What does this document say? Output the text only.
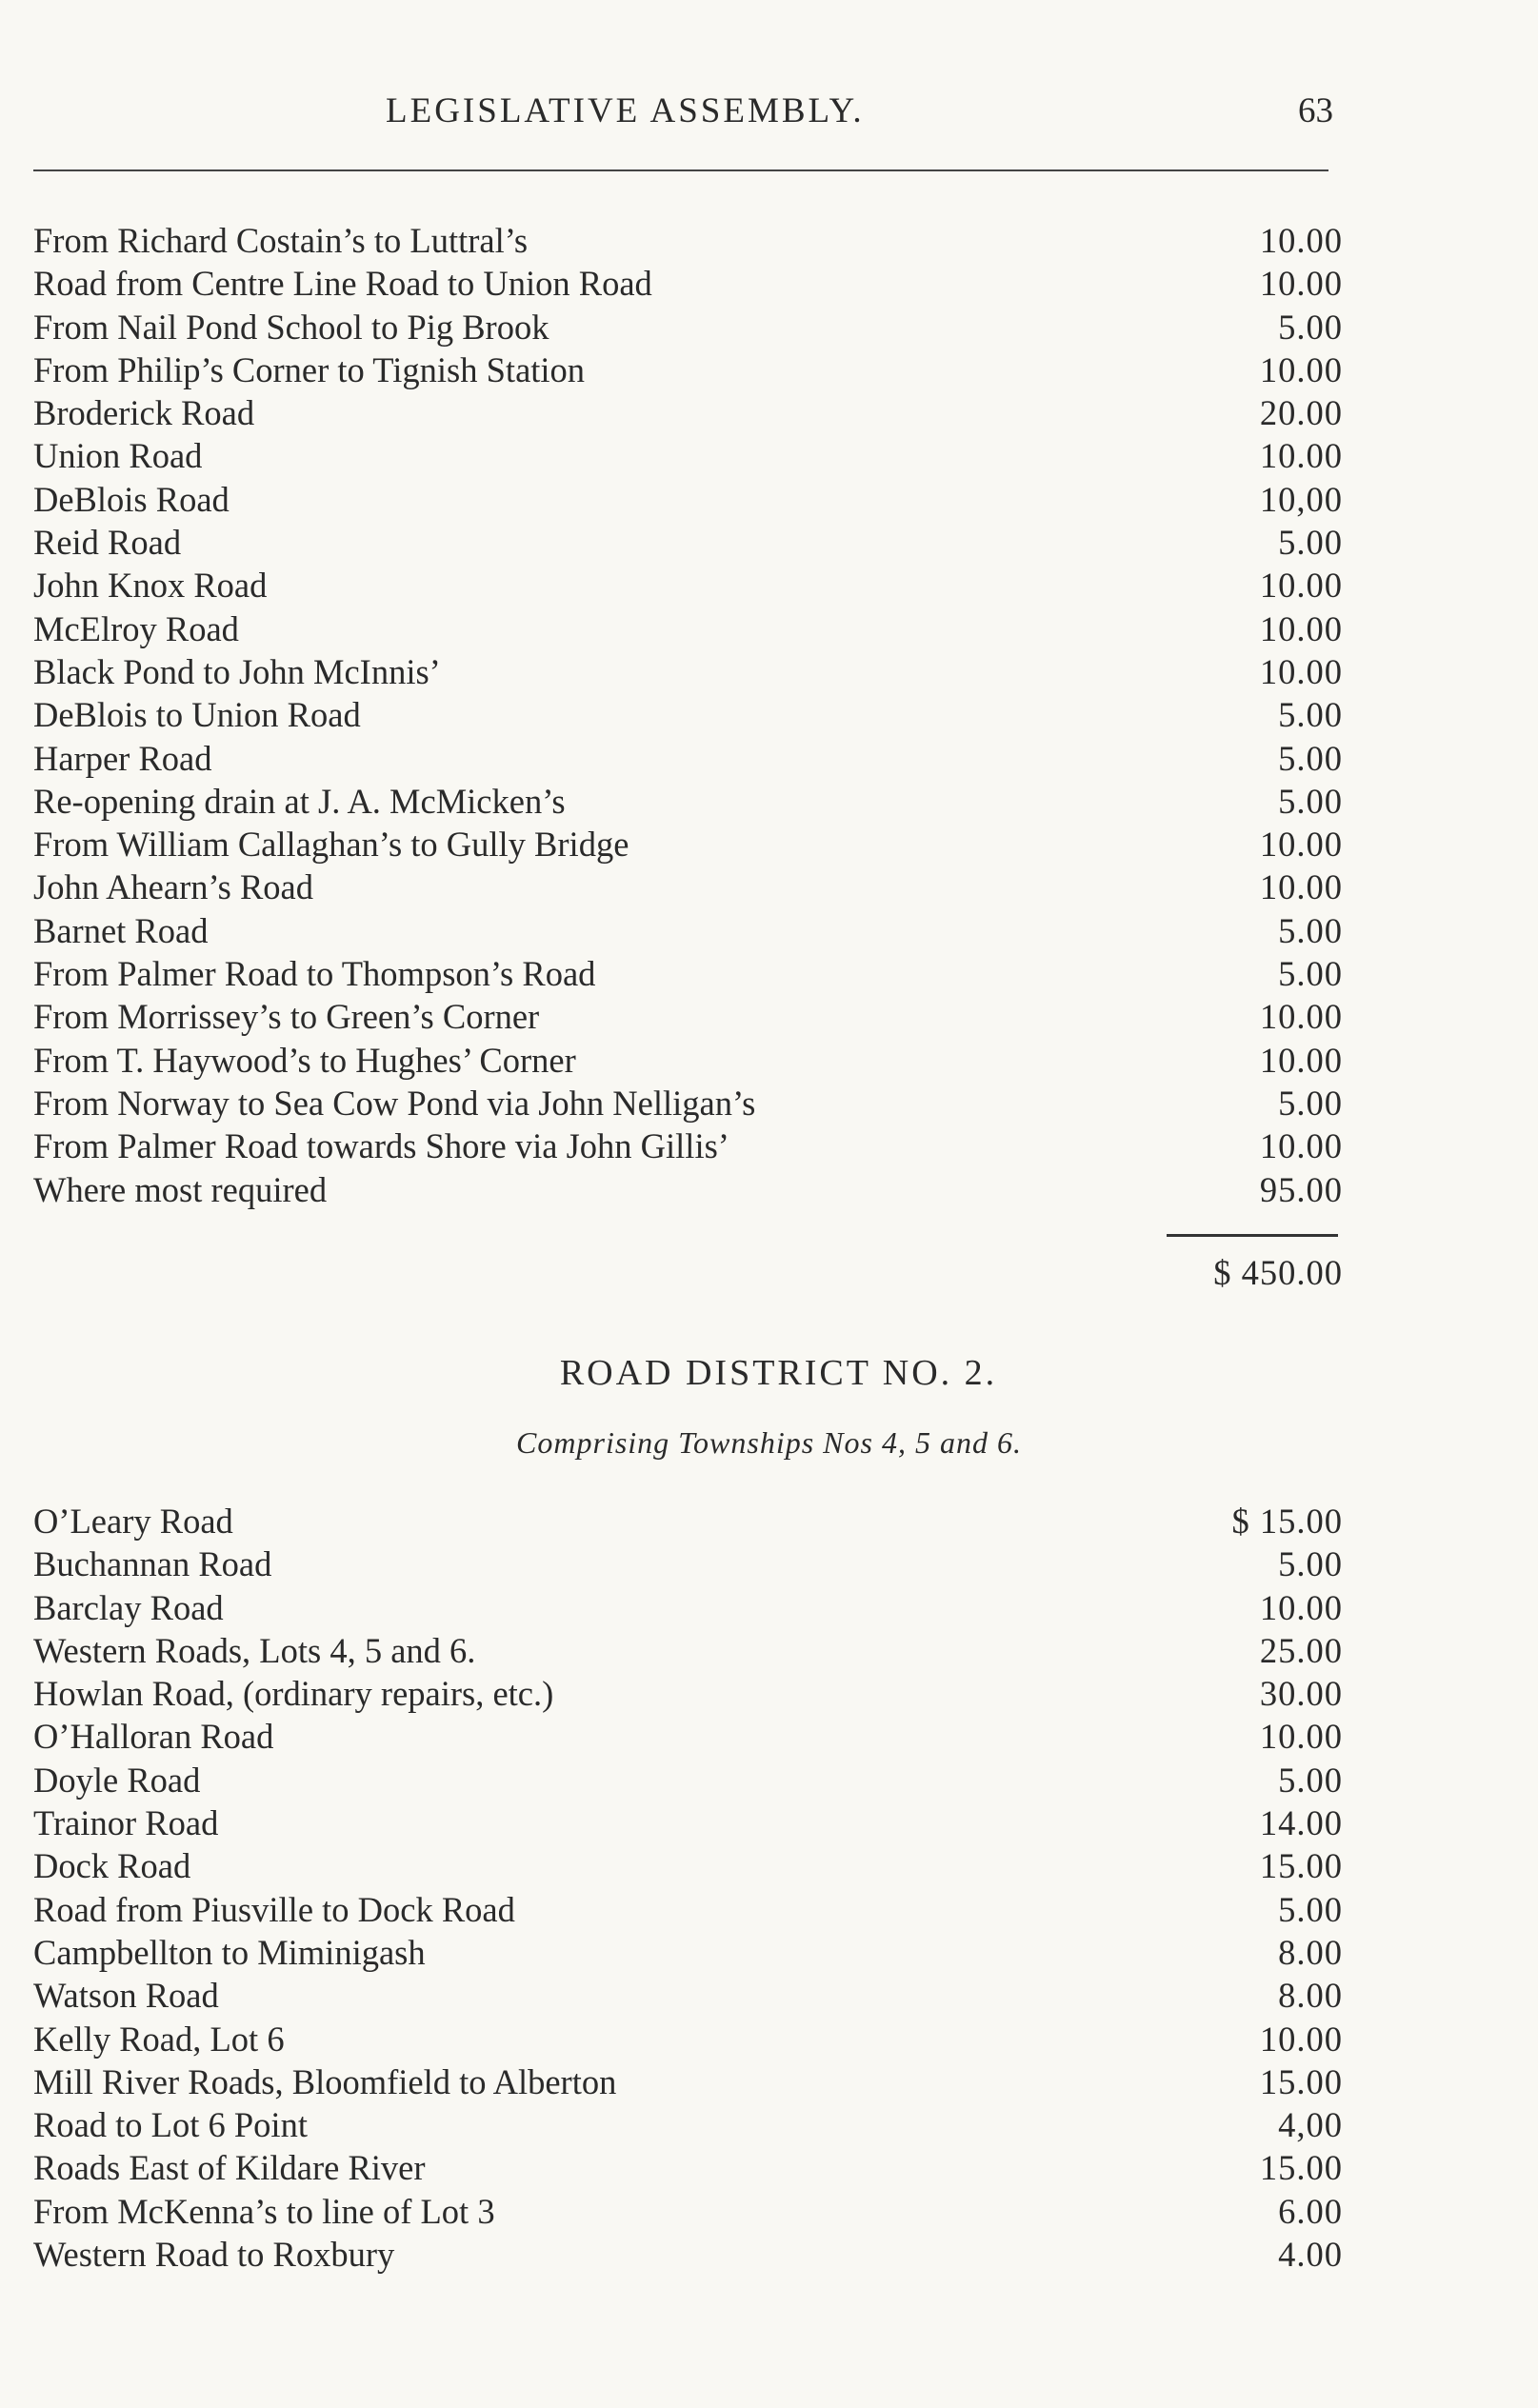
LEGISLATIVE ASSEMBLY.	63
From Richard Costain’s to Luttral’s	10.00
Road from Centre Line Road to Union Road	10.00
From Nail Pond School to Pig Brook	5.00
From Philip’s Corner to Tignish Station	10.00
Broderick Road	20.00
Union Road	10.00
DeBlois Road	10,00
Reid Road	5.00
John Knox Road	10.00
McElroy Road	10.00
Black Pond to John McInnis’	10.00
DeBlois to Union Road	5.00
Harper Road	5.00
Re-opening drain at J. A. McMicken’s	5.00
From William Callaghan’s to Gully Bridge	10.00
John Ahearn’s Road	10.00
Barnet Road	5.00
From Palmer Road to Thompson’s Road	5.00
From Morrissey’s to Green’s Corner	10.00
From T. Haywood’s to Hughes’ Corner	10.00
From Norway to Sea Cow Pond via John Nelligan’s	5.00
From Palmer Road towards Shore via John Gillis’	10.00
Where most required	95.00
$ 450.00
ROAD DISTRICT NO. 2.
Comprising Townships Nos 4, 5 and 6.
O’Leary Road	$ 15.00
Buchannan Road	5.00
Barclay Road	10.00
Western Roads, Lots 4, 5 and 6.	25.00
Howlan Road, (ordinary repairs, etc.)	30.00
O’Halloran Road	10.00
Doyle Road	5.00
Trainor Road	14.00
Dock Road	15.00
Road from Piusville to Dock Road	5.00
Campbellton to Miminigash	8.00
Watson Road	8.00
Kelly Road, Lot 6	10.00
Mill River Roads, Bloomfield to Alberton	15.00
Road to Lot 6 Point	4,00
Roads East of Kildare River	15.00
From McKenna’s to line of Lot 3	6.00
Western Road to Roxbury	4.00
